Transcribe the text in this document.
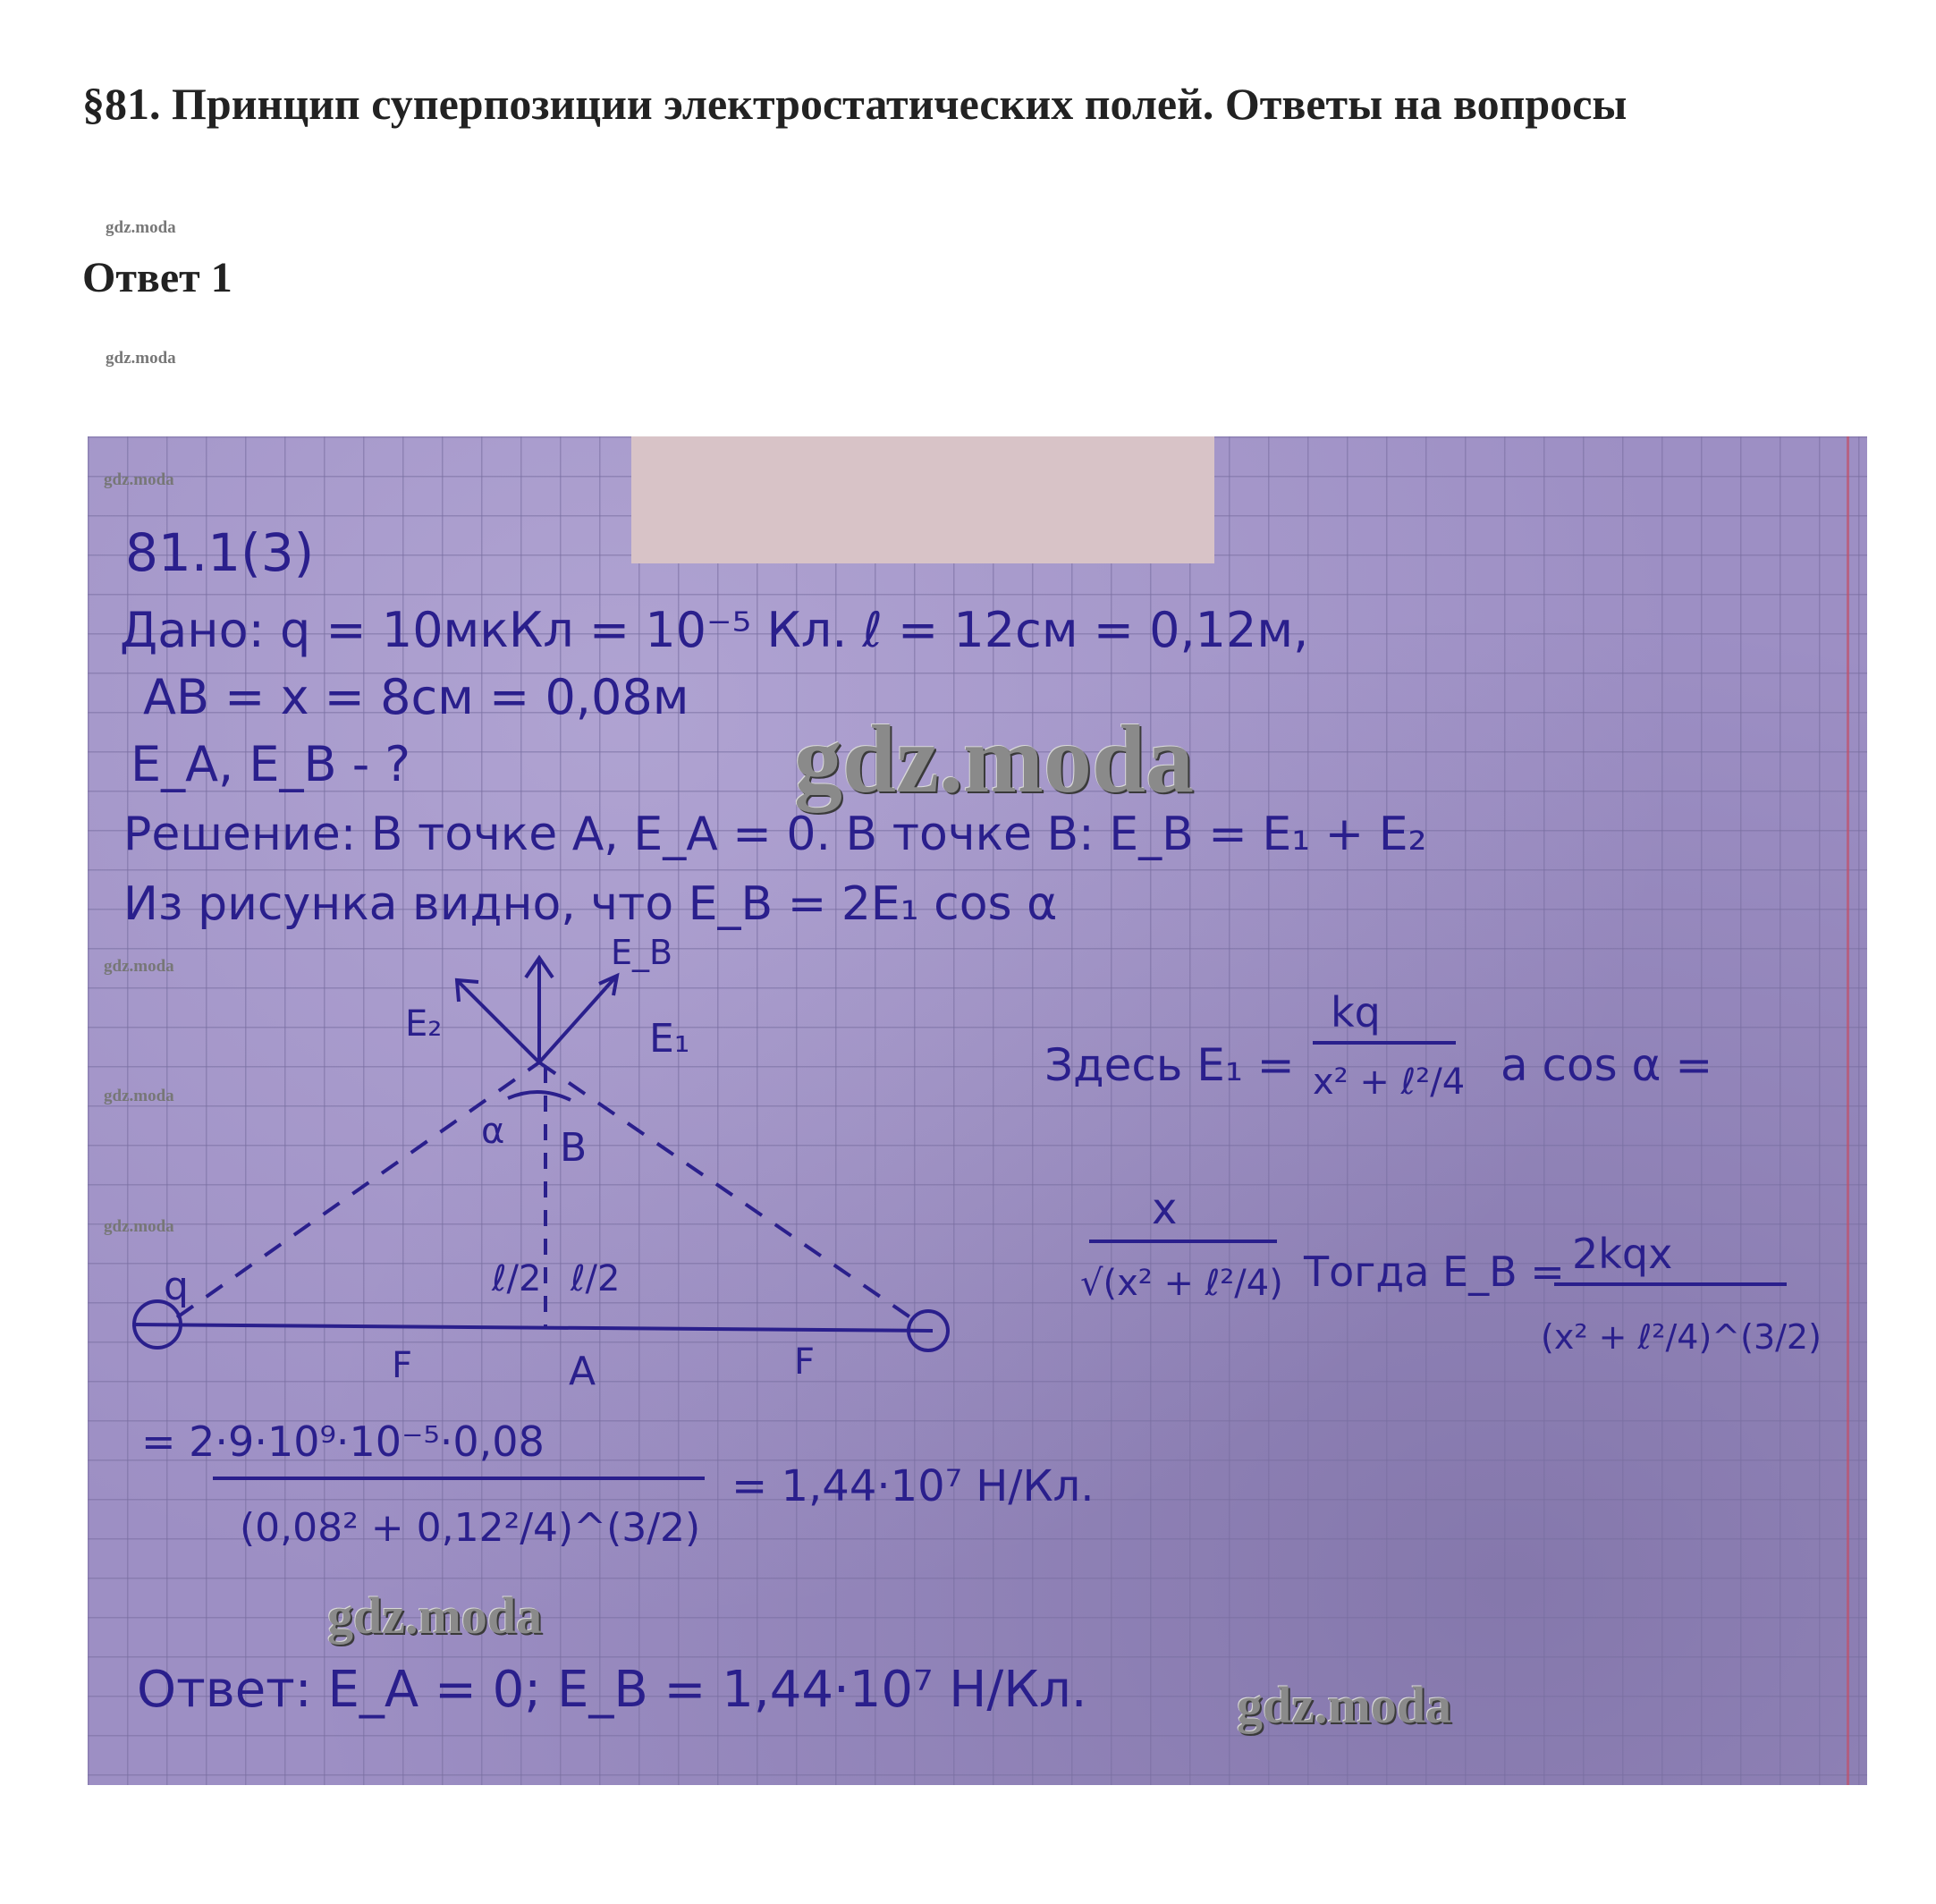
§81. Принцип суперпозиции электростатических полей. Ответы на вопросы
gdz.moda
Ответ 1
gdz.moda
81.1(3)
Дано: q = 10мкКл = 10⁻⁵ Кл. ℓ = 12см = 0,12м,
AB = x = 8см = 0,08м
E_A, E_B - ?
Решение: В точке А, E_A = 0. В точке В: E_B = E₁ + E₂
Из рисунка видно, что E_B = 2E₁ cos α
q
A
B
α
E₁
E₂
E_B
F	F
ℓ/2 ℓ/2
Здесь E₁ =
kq
x² + ℓ²/4 а cos α =
x
√(x² + ℓ²/4) Тогда E_B = 2kqx
(x² + ℓ²/4)^(3/2)
= 2·9·10⁹·10⁻⁵·0,08
(0,08² + 0,12²/4)^(3/2)
= 1,44·10⁷ Н/Кл.
Ответ: E_A = 0; E_B = 1,44·10⁷ Н/Кл.
gdz.moda
gdz.moda
gdz.moda
gdz.moda
gdz.moda
gdz.moda
gdz.moda
